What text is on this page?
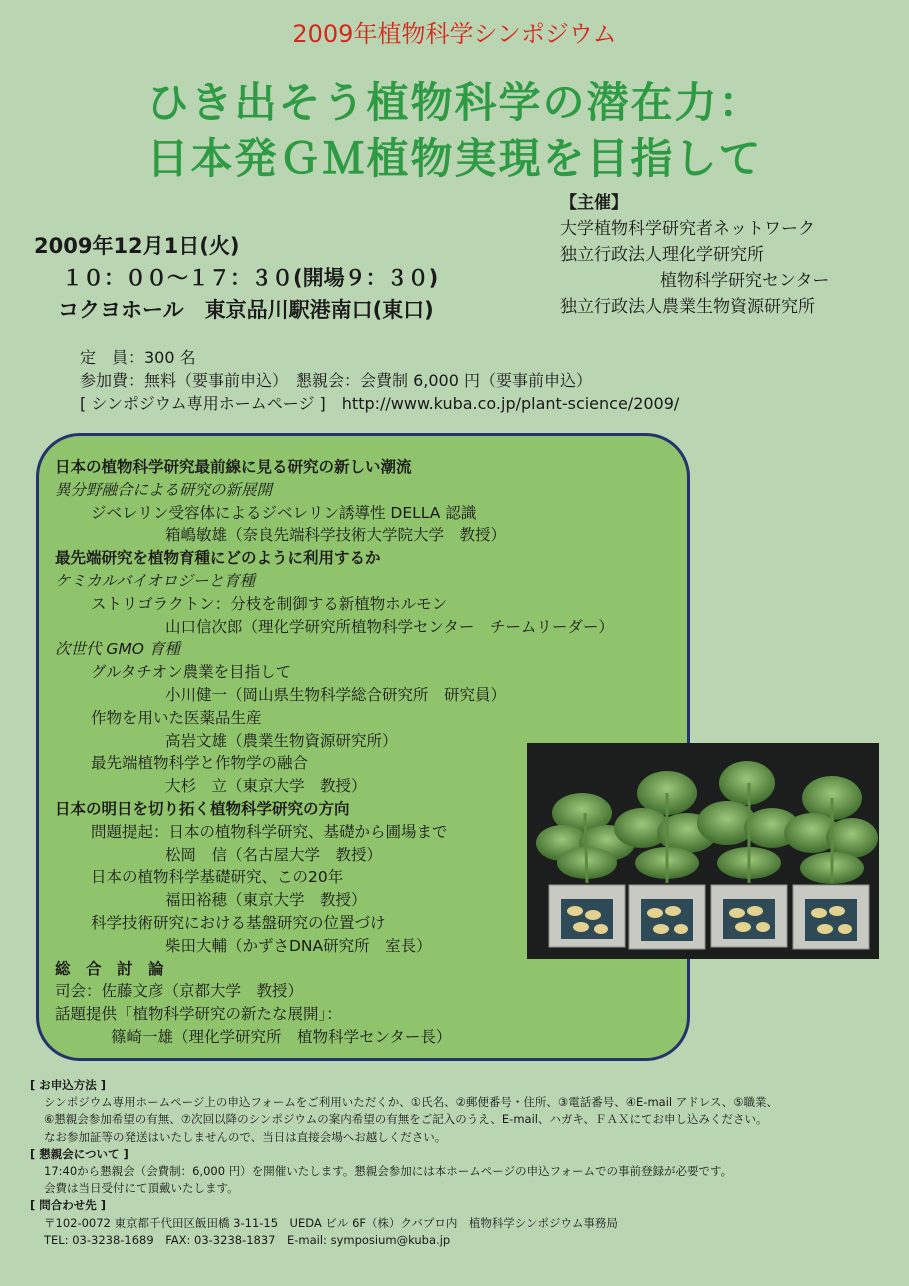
2009年植物科学シンポジウム
ひき出そう植物科学の潜在力：
日本発ＧＭ植物実現を目指して
2009年12月1日(火)
１０：００～１７：３０(開場９：３０)
コクヨホール　東京品川駅港南口(東口)
【主催】
大学植物科学研究者ネットワーク
独立行政法人理化学研究所
植物科学研究センター
独立行政法人農業生物資源研究所
定　員：300 名
参加費：無料（要事前申込）　懇親会：会費制 6,000 円（要事前申込）
[ シンポジウム専用ホームページ ]　http://www.kuba.co.jp/plant-science/2009/
日本の植物科学研究最前線に見る研究の新しい潮流
異分野融合による研究の新展開
ジベレリン受容体によるジベレリン誘導性 DELLA 認識
箱嶋敏雄（奈良先端科学技術大学院大学　教授）
最先端研究を植物育種にどのように利用するか
ケミカルバイオロジーと育種
ストリゴラクトン：分枝を制御する新植物ホルモン
山口信次郎（理化学研究所植物科学センター　チームリーダー）
次世代 GMO 育種
グルタチオン農業を目指して
小川健一（岡山県生物科学総合研究所　研究員）
作物を用いた医薬品生産
高岩文雄（農業生物資源研究所）
最先端植物科学と作物学の融合
大杉　立（東京大学　教授）
日本の明日を切り拓く植物科学研究の方向
問題提起：日本の植物科学研究、基礎から圃場まで
松岡　信（名古屋大学　教授）
日本の植物科学基礎研究、この20年
福田裕穂（東京大学　教授）
科学技術研究における基盤研究の位置づけ
柴田大輔（かずさDNA研究所　室長）
総　合　討　論
司会：佐藤文彦（京都大学　教授）
話題提供「植物科学研究の新たな展開」：
篠崎一雄（理化学研究所　植物科学センター長）
[ お申込方法 ]
シンポジウム専用ホームページ上の申込フォームをご利用いただくか、①氏名、②郵便番号・住所、③電話番号、④E-mail アドレス、⑤職業、
⑥懇親会参加希望の有無、⑦次回以降のシンポジウムの案内希望の有無をご記入のうえ、E-mail、ハガキ、ＦＡＸにてお申し込みください。
なお参加証等の発送はいたしませんので、当日は直接会場へお越しください。
[ 懇親会について ]
17:40から懇親会（会費制：6,000 円）を開催いたします。懇親会参加には本ホームページの申込フォームでの事前登録が必要です。
会費は当日受付にて頂戴いたします。
[ 問合わせ先 ]
〒102-0072 東京都千代田区飯田橋 3-11-15　UEDA ビル 6F（株）クバプロ内　植物科学シンポジウム事務局
TEL: 03-3238-1689　FAX: 03-3238-1837　E-mail: symposium@kuba.jp
